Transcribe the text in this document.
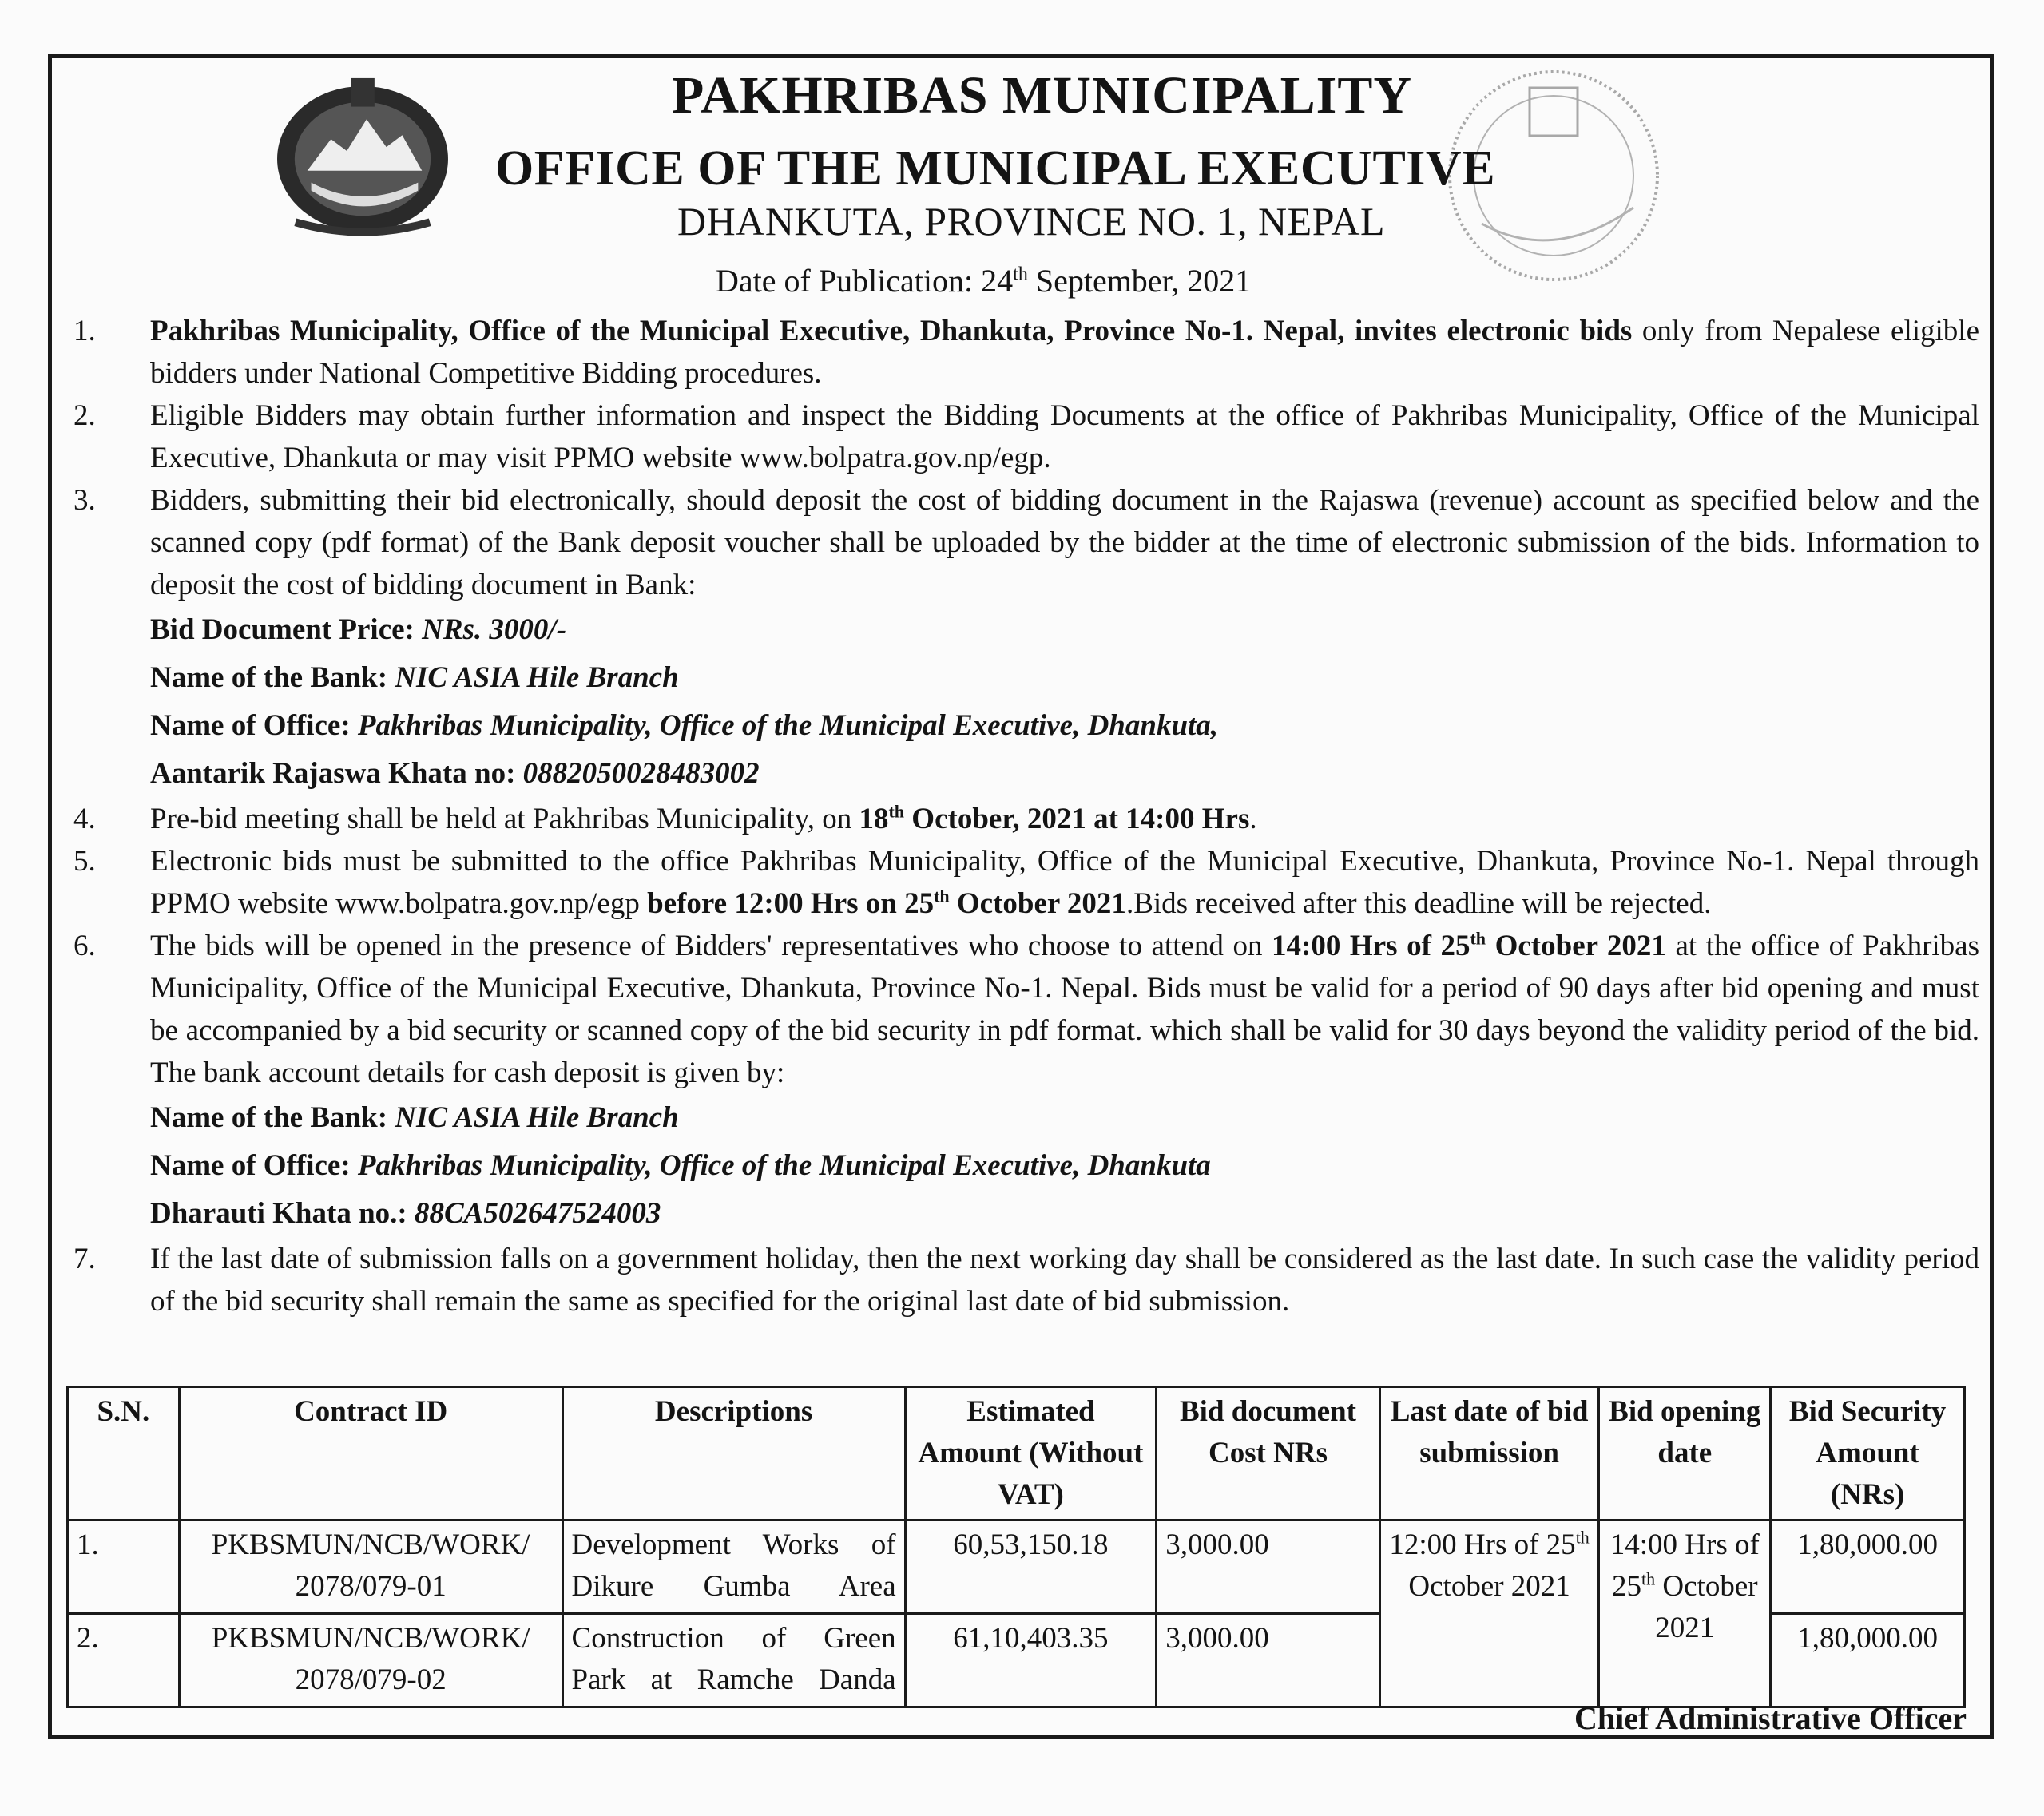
PAKHRIBAS MUNICIPALITY
OFFICE OF THE MUNICIPAL EXECUTIVE
DHANKUTA, PROVINCE NO. 1, NEPAL
Date of Publication: 24th September, 2021
1. Pakhribas Municipality, Office of the Municipal Executive, Dhankuta, Province No-1. Nepal, invites electronic bids only from Nepalese eligible bidders under National Competitive Bidding procedures.
2. Eligible Bidders may obtain further information and inspect the Bidding Documents at the office of Pakhribas Municipality, Office of the Municipal Executive, Dhankuta or may visit PPMO website www.bolpatra.gov.np/egp.
3. Bidders, submitting their bid electronically, should deposit the cost of bidding document in the Rajaswa (revenue) account as specified below and the scanned copy (pdf format) of the Bank deposit voucher shall be uploaded by the bidder at the time of electronic submission of the bids. Information to deposit the cost of bidding document in Bank:
Bid Document Price: NRs. 3000/-
Name of the Bank: NIC ASIA Hile Branch
Name of Office: Pakhribas Municipality, Office of the Municipal Executive, Dhankuta,
Aantarik Rajaswa Khata no: 0882050028483002
4. Pre-bid meeting shall be held at Pakhribas Municipality, on 18th October, 2021 at 14:00 Hrs.
5. Electronic bids must be submitted to the office Pakhribas Municipality, Office of the Municipal Executive, Dhankuta, Province No-1. Nepal through PPMO website www.bolpatra.gov.np/egp before 12:00 Hrs on 25th October 2021.Bids received after this deadline will be rejected.
6. The bids will be opened in the presence of Bidders' representatives who choose to attend on 14:00 Hrs of 25th October 2021 at the office of Pakhribas Municipality, Office of the Municipal Executive, Dhankuta, Province No-1. Nepal. Bids must be valid for a period of 90 days after bid opening and must be accompanied by a bid security or scanned copy of the bid security in pdf format. which shall be valid for 30 days beyond the validity period of the bid. The bank account details for cash deposit is given by:
Name of the Bank: NIC ASIA Hile Branch
Name of Office: Pakhribas Municipality, Office of the Municipal Executive, Dhankuta
Dharauti Khata no.: 88CA502647524003
7. If the last date of submission falls on a government holiday, then the next working day shall be considered as the last date. In such case the validity period of the bid security shall remain the same as specified for the original last date of bid submission.
S.N.	Contract ID	Descriptions	Estimated Amount (Without VAT)	Bid document Cost NRs	Last date of bid submission	Bid opening date	Bid Security Amount (NRs)
1.	PKBSMUN/NCB/WORK/ 2078/079-01	Development Works of Dikure Gumba Area	60,53,150.18	3,000.00	12:00 Hrs of 25th October 2021	14:00 Hrs of 25th October 2021	1,80,000.00
2.	PKBSMUN/NCB/WORK/ 2078/079-02	Construction of Green Park at Ramche Danda	61,10,403.35	3,000.00			1,80,000.00
Chief Administrative Officer
